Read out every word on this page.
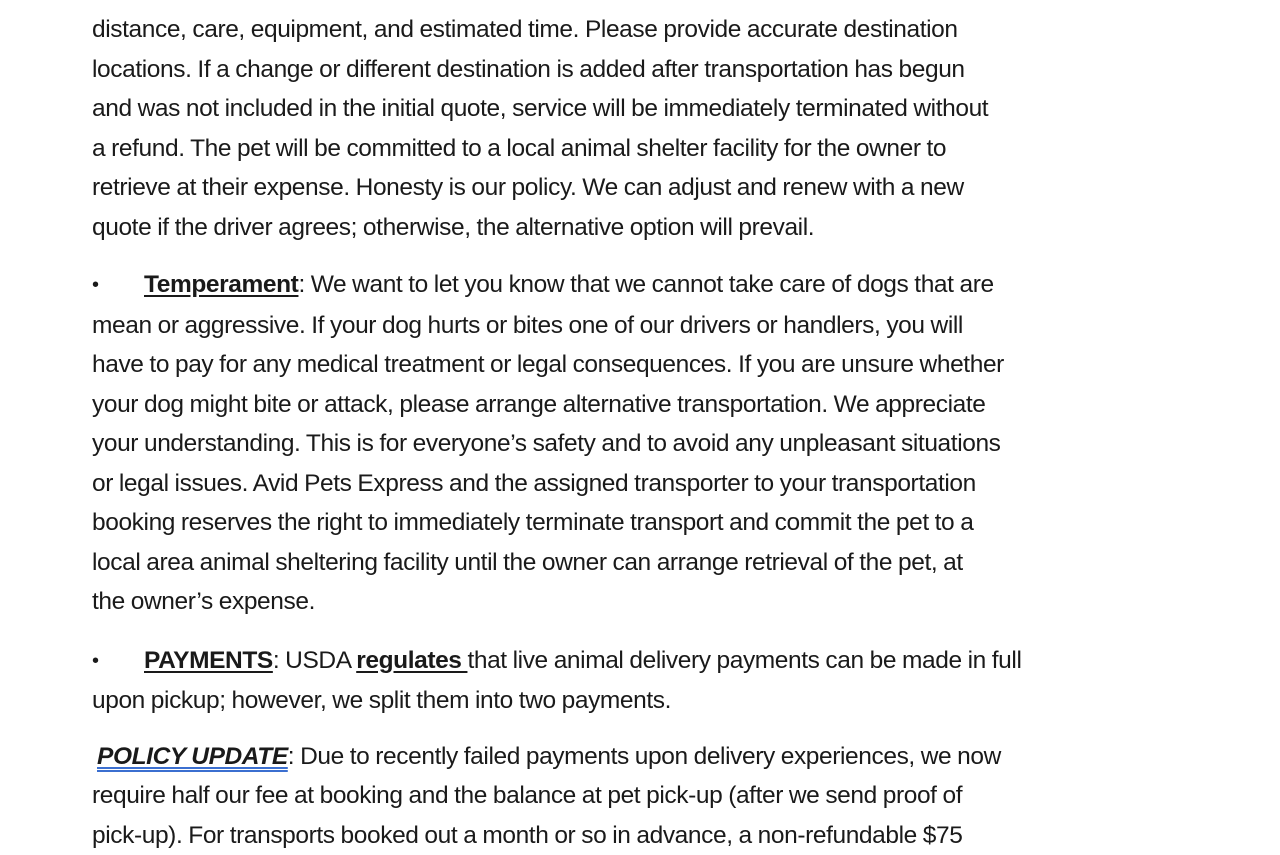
distance, care, equipment, and estimated time. Please provide accurate destination
locations. If a change or different destination is added after transportation has begun
and was not included in the initial quote, service will be immediately terminated without
a refund. The pet will be committed to a local animal shelter facility for the owner to
retrieve at their expense. Honesty is our policy. We can adjust and renew with a new
quote if the driver agrees; otherwise, the alternative option will prevail.

• Temperament: We want to let you know that we cannot take care of dogs that are
mean or aggressive. If your dog hurts or bites one of our drivers or handlers, you will
have to pay for any medical treatment or legal consequences. If you are unsure whether
your dog might bite or attack, please arrange alternative transportation. We appreciate
your understanding. This is for everyone’s safety and to avoid any unpleasant situations
or legal issues. Avid Pets Express and the assigned transporter to your transportation
booking reserves the right to immediately terminate transport and commit the pet to a
local area animal sheltering facility until the owner can arrange retrieval of the pet, at
the owner’s expense.

• PAYMENTS: USDA regulates that live animal delivery payments can be made in full
upon pickup; however, we split them into two payments.

POLICY UPDATE: Due to recently failed payments upon delivery experiences, we now
require half our fee at booking and the balance at pet pick-up (after we send proof of
pick-up). For transports booked out a month or so in advance, a non-refundable $75
